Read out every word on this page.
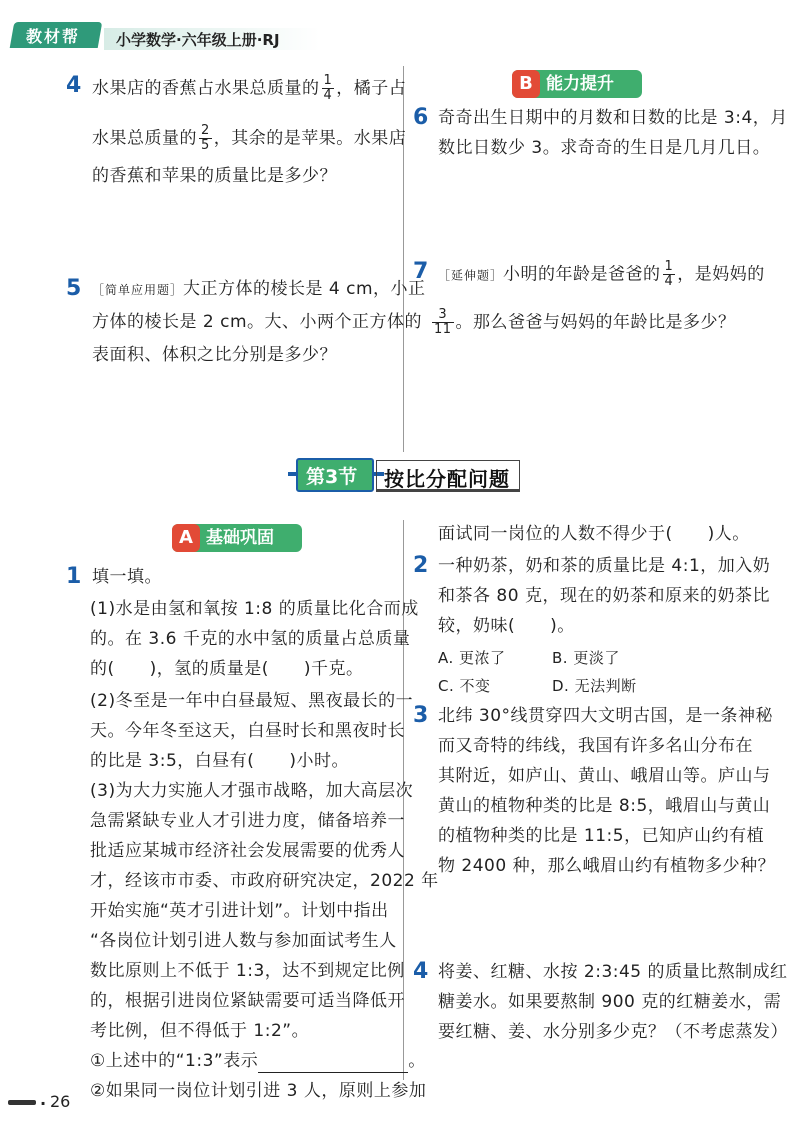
教材帮 小学数学·六年级上册·RJ
4 水果店的香蕉占水果总质量的 $\frac{1}{4}$ ，橘子占
水果总质量的 $\frac{2}{5}$ ，其余的是苹果。水果店
的香蕉和苹果的质量比是多少？
5 ［简单应用题］大正方体的棱长是 4 cm，小正
方体的棱长是 2 cm。大、小两个正方体的
表面积、体积之比分别是多少？
B 能力提升
6 奇奇出生日期中的月数和日数的比是 3:4，月
数比日数少 3。求奇奇的生日是几月几日。
7 ［延伸题］小明的年龄是爸爸的 $\frac{1}{4}$ ，是妈妈的
$\frac{3}{11}$ 。那么爸爸与妈妈的年龄比是多少？
第3节 按比分配问题
A 基础巩固
1 填一填。
(1)水是由氢和氧按 1:8 的质量比化合而成
的。在 3.6 千克的水中氢的质量占总质量
的(　　)，氢的质量是(　　)千克。
(2)冬至是一年中白昼最短、黑夜最长的一
天。今年冬至这天，白昼时长和黑夜时长
的比是 3:5，白昼有(　　)小时。
(3)为大力实施人才强市战略，加大高层次
急需紧缺专业人才引进力度，储备培养一
批适应某城市经济社会发展需要的优秀人
才，经该市市委、市政府研究决定，2022 年
开始实施“英才引进计划”。计划中指出
“各岗位计划引进人数与参加面试考生人
数比原则上不低于 1:3，达不到规定比例
的，根据引进岗位紧缺需要可适当降低开
考比例，但不得低于 1:2”。
①上述中的“1:3”表示	。
②如果同一岗位计划引进 3 人，原则上参加
面试同一岗位的人数不得少于(　　)人。
2 一种奶茶，奶和茶的质量比是 4:1，加入奶
和茶各 80 克，现在的奶茶和原来的奶茶比
较，奶味(　　)。
A. 更浓了	B. 更淡了
C. 不变	D. 无法判断
3 北纬 30°线贯穿四大文明古国，是一条神秘
而又奇特的纬线，我国有许多名山分布在
其附近，如庐山、黄山、峨眉山等。庐山与
黄山的植物种类的比是 8:5，峨眉山与黄山
的植物种类的比是 11:5，已知庐山约有植
物 2400 种，那么峨眉山约有植物多少种？
4 将姜、红糖、水按 2:3:45 的质量比熬制成红
糖姜水。如果要熬制 900 克的红糖姜水，需
要红糖、姜、水分别多少克？（不考虑蒸发）
· 26
